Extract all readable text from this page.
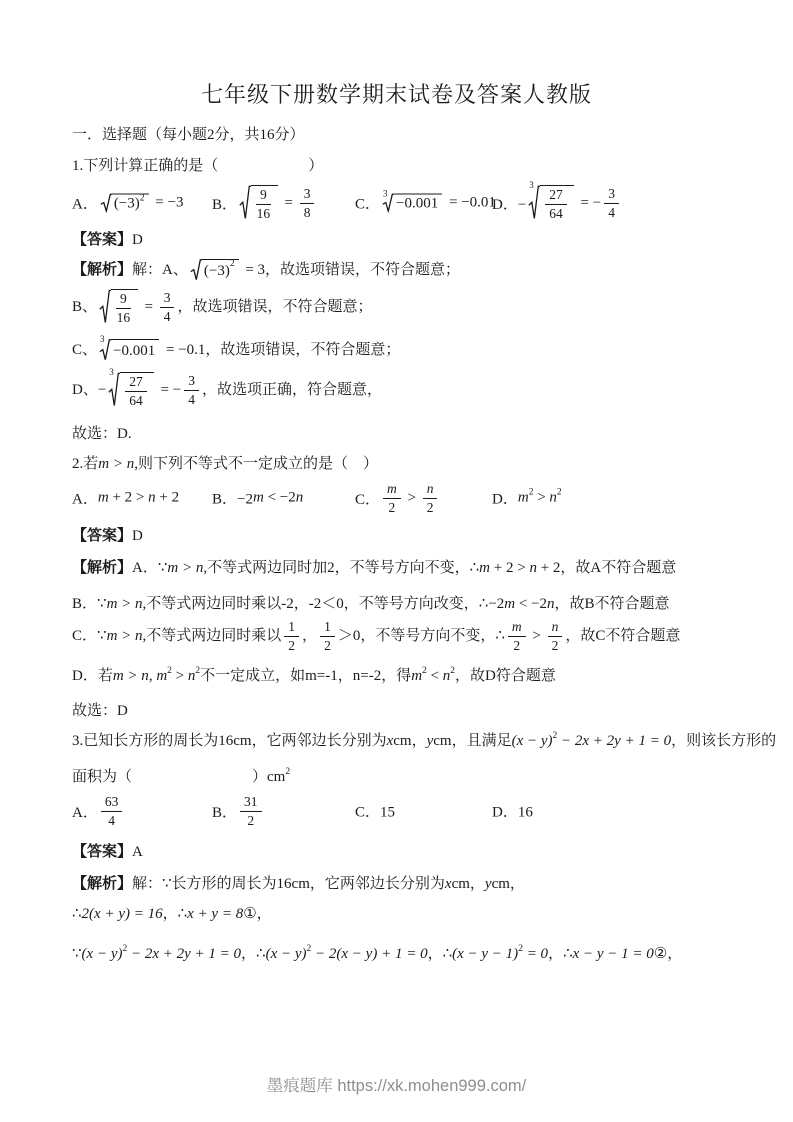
七年级下册数学期末试卷及答案人教版
一．选择题（每小题2分，共16分）
1.下列计算正确的是（　　　　　　）
A． $(-3)^2 = -3$ B． $\frac{9}{16} = \frac{3}{8}$	C．
3
−0.001 = −0.01
D．−
3
$\frac{27}{64}$ = − $\frac{3}{4}$
【答案】 D
【解析】 解：A、 $(-3)^2 = 3$，故选项错误，不符合题意；
B、 $\frac{9}{16} = \frac{3}{4}$ ，故选项错误，不符合题意；
C、
3
−0.001 = −0.1，故选项错误，不符合题意；
D、−
3
$\frac{27}{64}$ = − $\frac{3}{4}$ ，故选项正确，符合题意，
故选：D.
2.若 m > n ,则下列不等式不一定成立的是（　）
A． m + 2 > n + 2 B．−2 m < −2 n	C． $\frac{m}{2} > \frac{n}{2}$	D． $m^2 > n^2$
【答案】 D
【解析】 A．∵ m > n ,不等式两边同时加2，不等号方向不变，∴ m + 2 > n + 2，故A不符合题意
B．∵ m > n ,不等式两边同时乘以-2，-2＜0，不等号方向改变，∴−2 m < −2 n ，故B不符合题意
C．∵ m > n ,不等式两边同时乘以 $\frac{1}{2}$ ， $\frac{1}{2} >0$，不等号方向不变，∴ $\frac{m}{2} > \frac{n}{2}$ ，故C不符合题意
D．若 m > n , $m^2 > n^2$ 不一定成立，如m=-1，n=-2，得 $m^2 < n^2$ ，故D符合题意
故选：D
3.已知长方形的周长为16cm，它两邻边长分别为 x cm， y cm，且满足 $(x - y)^2 - 2x + 2y + 1 = 0$ ，则该长方形的
面积为（　　　　　　　　）$cm^2$
A． $\frac{63}{4}$	B． $\frac{31}{2}$	C．15	D．16
【答案】 A
【解析】 解：∵长方形的周长为16cm，它两邻边长分别为 x cm， y cm，
∴ 2(x + y) = 16 ，∴ x + y = 8 ①，
∵ $(x - y)^2 - 2x + 2y + 1 = 0$ ，∴ $(x - y)^2 - 2(x - y) + 1 = 0$ ，∴ $(x - y - 1)^2 = 0$ ，∴ x − y − 1 = 0 ②，
墨痕题库 https://xk.mohen999.com/
